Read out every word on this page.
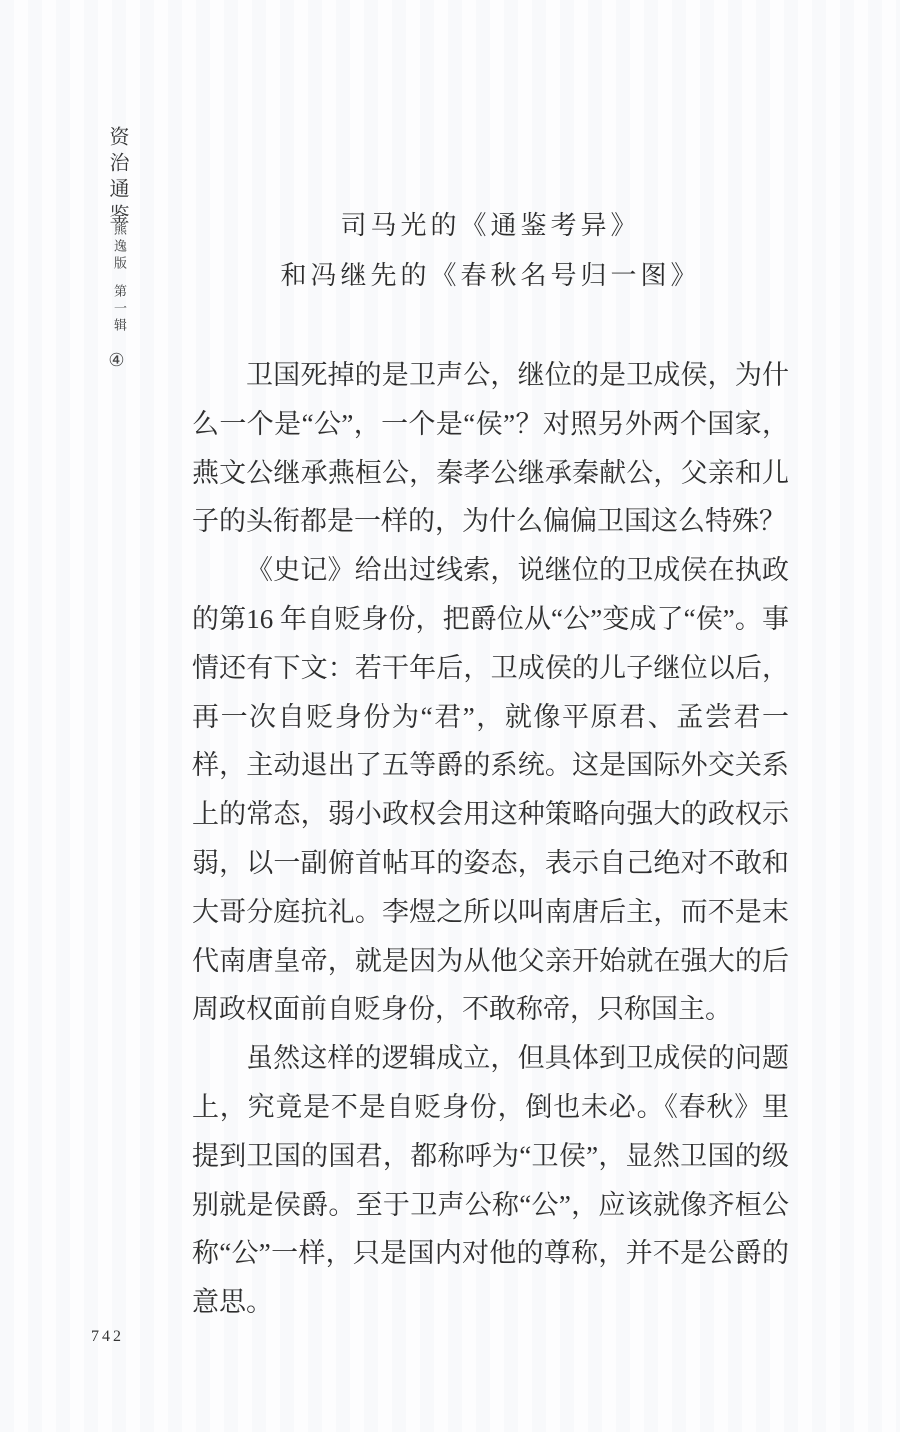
资治通鉴
熊逸版
第一辑
④
司马光的《通鉴考异》
和冯继先的《春秋名号归一图》

卫国死掉的是卫声公，继位的是卫成侯，为什么一个是“公”，一个是“侯”？对照另外两个国家，燕文公继承燕桓公，秦孝公继承秦献公，父亲和儿子的头衔都是一样的，为什么偏偏卫国这么特殊？

《史记》给出过线索，说继位的卫成侯在执政的第16 年自贬身份，把爵位从“公”变成了“侯”。事情还有下文：若干年后，卫成侯的儿子继位以后，再一次自贬身份为“君”，就像平原君、孟尝君一样，主动退出了五等爵的系统。这是国际外交关系上的常态，弱小政权会用这种策略向强大的政权示弱，以一副俯首帖耳的姿态，表示自己绝对不敢和大哥分庭抗礼。李煜之所以叫南唐后主，而不是末代南唐皇帝，就是因为从他父亲开始就在强大的后周政权面前自贬身份，不敢称帝，只称国主。

虽然这样的逻辑成立，但具体到卫成侯的问题上，究竟是不是自贬身份，倒也未必。《春秋》里提到卫国的国君，都称呼为“卫侯”，显然卫国的级别就是侯爵。至于卫声公称“公”，应该就像齐桓公称“公”一样，只是国内对他的尊称，并不是公爵的意思。

742
